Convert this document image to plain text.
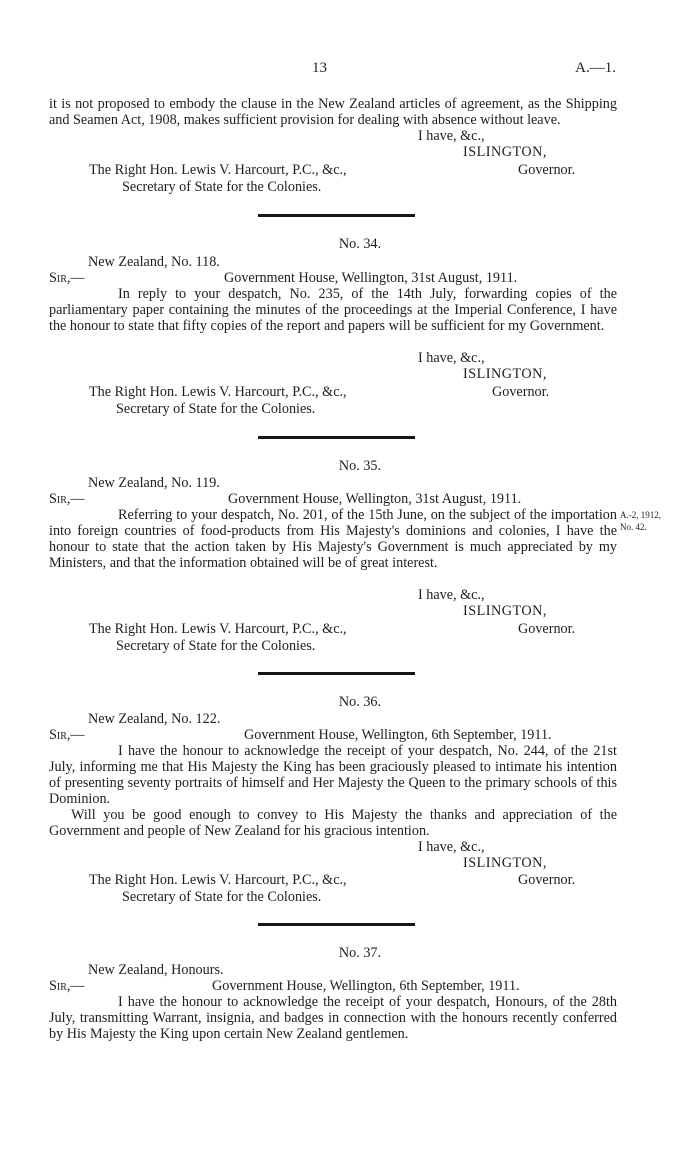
13	A.—1.
it is not proposed to embody the clause in the New Zealand articles of agreement, as the Shipping and Seamen Act, 1908, makes sufficient provision for dealing with absence without leave.
I have, &c.,
ISLINGTON,
The Right Hon. Lewis V. Harcourt, P.C., &c.,	Governor.
Secretary of State for the Colonies.
No. 34.
New Zealand, No. 118.
Sir,—	Government House, Wellington, 31st August, 1911.
In reply to your despatch, No. 235, of the 14th July, forwarding copies of the parliamentary paper containing the minutes of the proceedings at the Imperial Conference, I have the honour to state that fifty copies of the report and papers will be sufficient for my Government.
I have, &c.,
ISLINGTON,
The Right Hon. Lewis V. Harcourt, P.C., &c.,	Governor.
Secretary of State for the Colonies.
No. 35.
New Zealand, No. 119.
Sir,—	Government House, Wellington, 31st August, 1911.
Referring to your despatch, No. 201, of the 15th June, on the subject of the importation into foreign countries of food-products from His Majesty's dominions and colonies, I have the honour to state that the action taken by His Majesty's Government is much appreciated by my Ministers, and that the information obtained will be of great interest.
A.-2, 1912,
No. 42.
I have, &c.,
ISLINGTON,
The Right Hon. Lewis V. Harcourt, P.C., &c.,	Governor.
Secretary of State for the Colonies.
No. 36.
New Zealand, No. 122.
Sir,—	Government House, Wellington, 6th September, 1911.
I have the honour to acknowledge the receipt of your despatch, No. 244, of the 21st July, informing me that His Majesty the King has been graciously pleased to intimate his intention of presenting seventy portraits of himself and Her Majesty the Queen to the primary schools of this Dominion.
Will you be good enough to convey to His Majesty the thanks and appreciation of the Government and people of New Zealand for his gracious intention.
I have, &c.,
ISLINGTON,
The Right Hon. Lewis V. Harcourt, P.C., &c.,	Governor.
Secretary of State for the Colonies.
No. 37.
New Zealand, Honours.
Sir,—	Government House, Wellington, 6th September, 1911.
I have the honour to acknowledge the receipt of your despatch, Honours, of the 28th July, transmitting Warrant, insignia, and badges in connection with the honours recently conferred by His Majesty the King upon certain New Zealand gentlemen.
